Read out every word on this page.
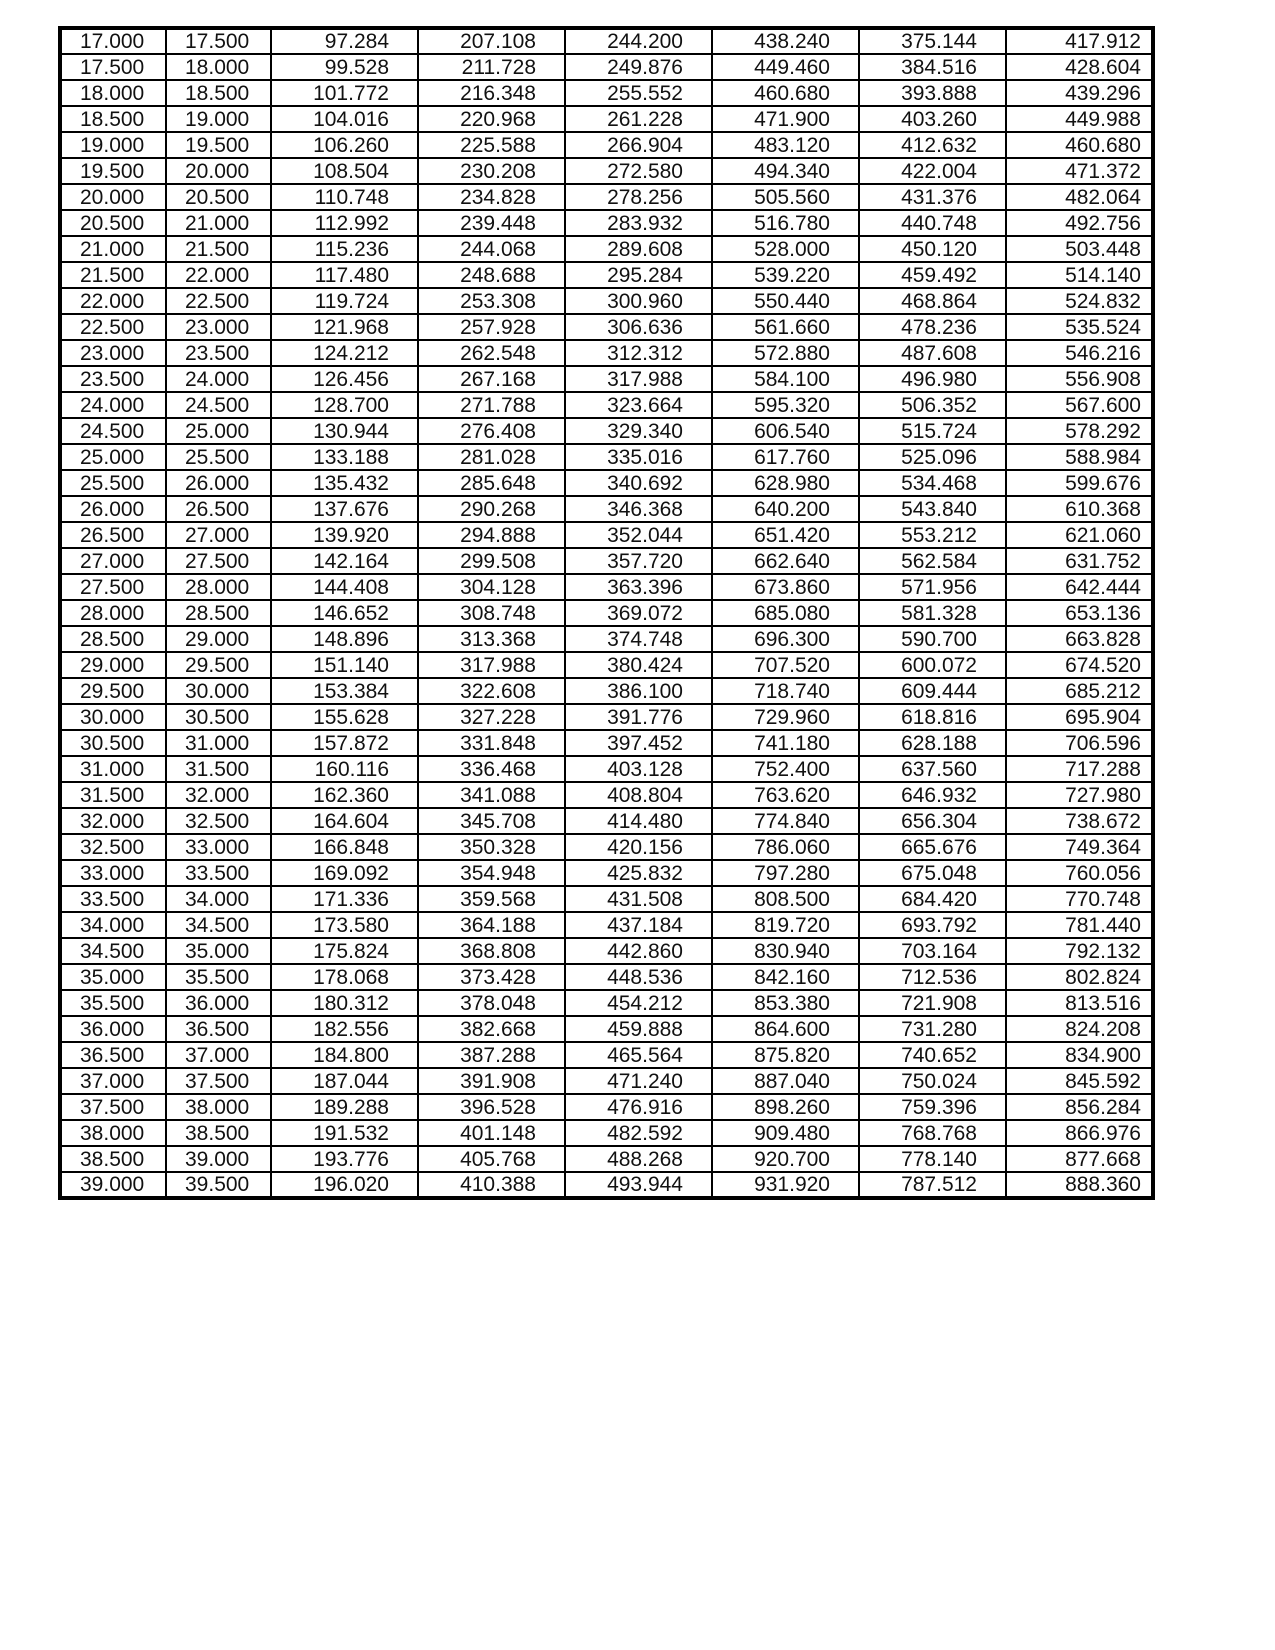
17.000	17.500	97.284	207.108	244.200	438.240	375.144	417.912
17.500	18.000	99.528	211.728	249.876	449.460	384.516	428.604
18.000	18.500	101.772	216.348	255.552	460.680	393.888	439.296
18.500	19.000	104.016	220.968	261.228	471.900	403.260	449.988
19.000	19.500	106.260	225.588	266.904	483.120	412.632	460.680
19.500	20.000	108.504	230.208	272.580	494.340	422.004	471.372
20.000	20.500	110.748	234.828	278.256	505.560	431.376	482.064
20.500	21.000	112.992	239.448	283.932	516.780	440.748	492.756
21.000	21.500	115.236	244.068	289.608	528.000	450.120	503.448
21.500	22.000	117.480	248.688	295.284	539.220	459.492	514.140
22.000	22.500	119.724	253.308	300.960	550.440	468.864	524.832
22.500	23.000	121.968	257.928	306.636	561.660	478.236	535.524
23.000	23.500	124.212	262.548	312.312	572.880	487.608	546.216
23.500	24.000	126.456	267.168	317.988	584.100	496.980	556.908
24.000	24.500	128.700	271.788	323.664	595.320	506.352	567.600
24.500	25.000	130.944	276.408	329.340	606.540	515.724	578.292
25.000	25.500	133.188	281.028	335.016	617.760	525.096	588.984
25.500	26.000	135.432	285.648	340.692	628.980	534.468	599.676
26.000	26.500	137.676	290.268	346.368	640.200	543.840	610.368
26.500	27.000	139.920	294.888	352.044	651.420	553.212	621.060
27.000	27.500	142.164	299.508	357.720	662.640	562.584	631.752
27.500	28.000	144.408	304.128	363.396	673.860	571.956	642.444
28.000	28.500	146.652	308.748	369.072	685.080	581.328	653.136
28.500	29.000	148.896	313.368	374.748	696.300	590.700	663.828
29.000	29.500	151.140	317.988	380.424	707.520	600.072	674.520
29.500	30.000	153.384	322.608	386.100	718.740	609.444	685.212
30.000	30.500	155.628	327.228	391.776	729.960	618.816	695.904
30.500	31.000	157.872	331.848	397.452	741.180	628.188	706.596
31.000	31.500	160.116	336.468	403.128	752.400	637.560	717.288
31.500	32.000	162.360	341.088	408.804	763.620	646.932	727.980
32.000	32.500	164.604	345.708	414.480	774.840	656.304	738.672
32.500	33.000	166.848	350.328	420.156	786.060	665.676	749.364
33.000	33.500	169.092	354.948	425.832	797.280	675.048	760.056
33.500	34.000	171.336	359.568	431.508	808.500	684.420	770.748
34.000	34.500	173.580	364.188	437.184	819.720	693.792	781.440
34.500	35.000	175.824	368.808	442.860	830.940	703.164	792.132
35.000	35.500	178.068	373.428	448.536	842.160	712.536	802.824
35.500	36.000	180.312	378.048	454.212	853.380	721.908	813.516
36.000	36.500	182.556	382.668	459.888	864.600	731.280	824.208
36.500	37.000	184.800	387.288	465.564	875.820	740.652	834.900
37.000	37.500	187.044	391.908	471.240	887.040	750.024	845.592
37.500	38.000	189.288	396.528	476.916	898.260	759.396	856.284
38.000	38.500	191.532	401.148	482.592	909.480	768.768	866.976
38.500	39.000	193.776	405.768	488.268	920.700	778.140	877.668
39.000	39.500	196.020	410.388	493.944	931.920	787.512	888.360
